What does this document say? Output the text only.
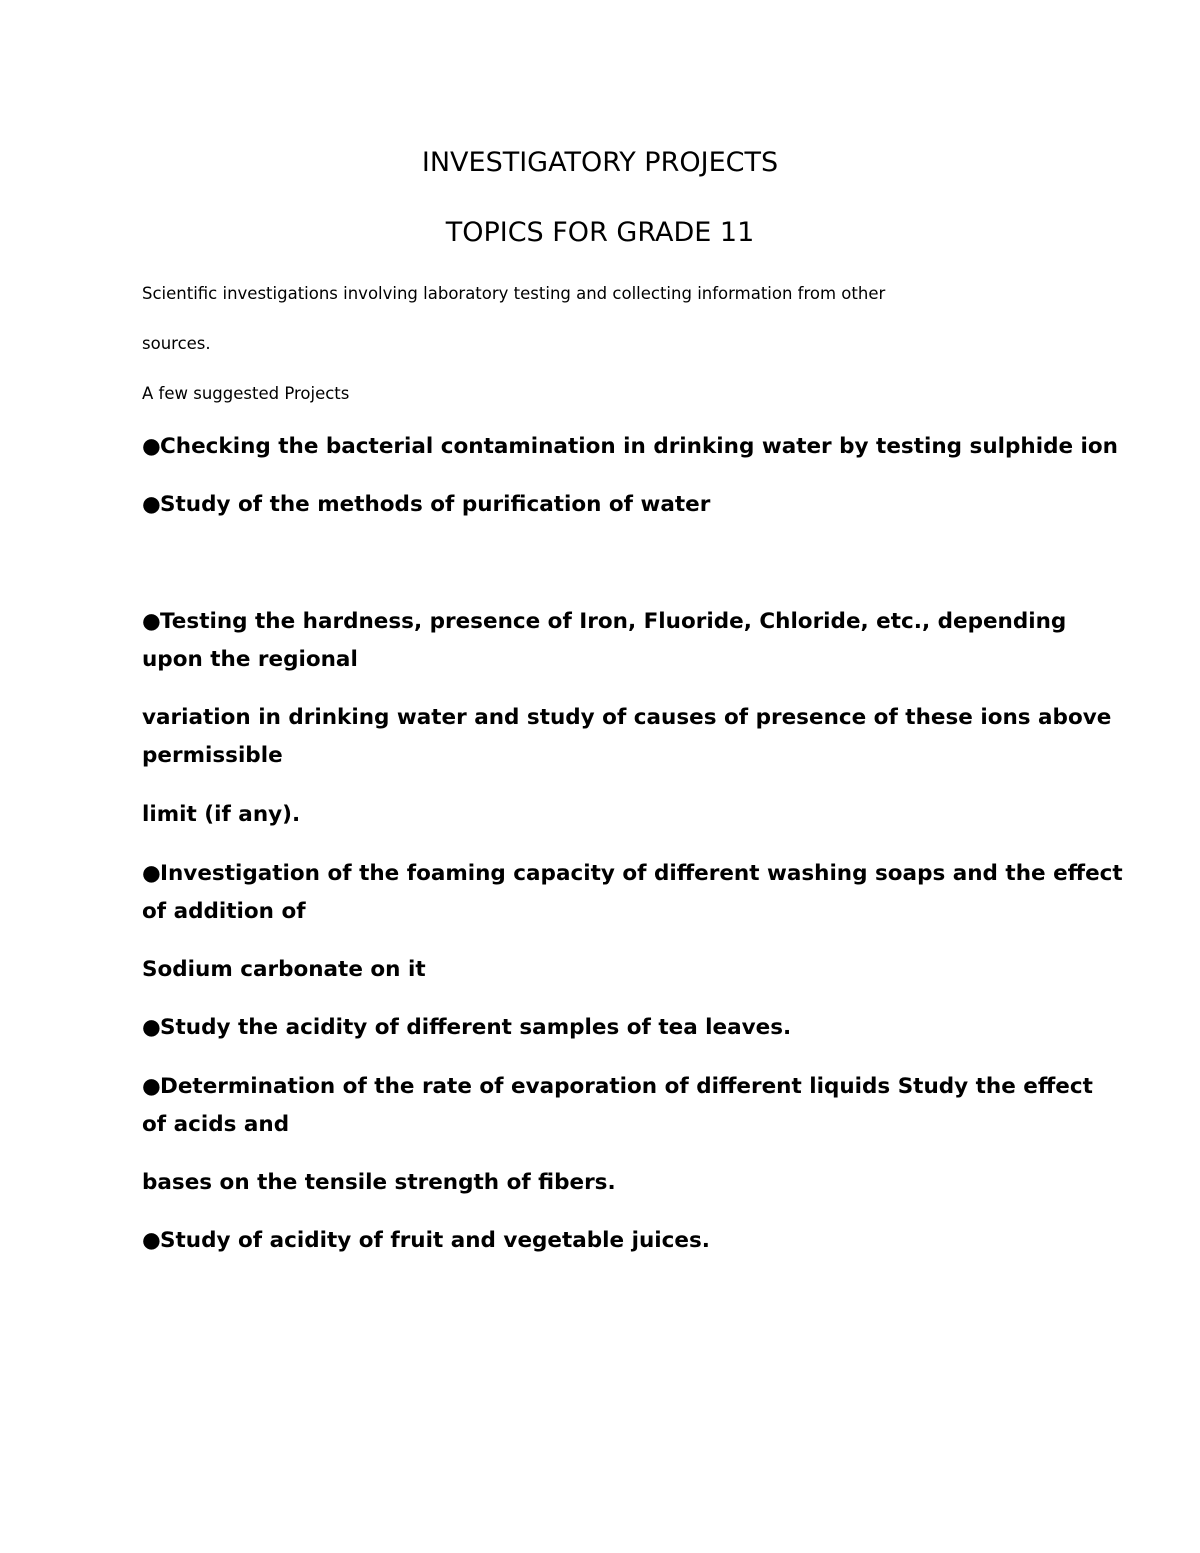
INVESTIGATORY PROJECTS
TOPICS FOR GRADE 11
Scientific investigations involving laboratory testing and collecting information from other
sources.
A few suggested Projects
●Checking the bacterial contamination in drinking water by testing sulphide ion
●Study of the methods of purification of water
●Testing the hardness, presence of Iron, Fluoride, Chloride, etc., depending
upon the regional
variation in drinking water and study of causes of presence of these ions above
permissible
limit (if any).
●Investigation of the foaming capacity of different washing soaps and the effect
of addition of
Sodium carbonate on it
●Study the acidity of different samples of tea leaves.
●Determination of the rate of evaporation of different liquids Study the effect
of acids and
bases on the tensile strength of fibers.
●Study of acidity of fruit and vegetable juices.
